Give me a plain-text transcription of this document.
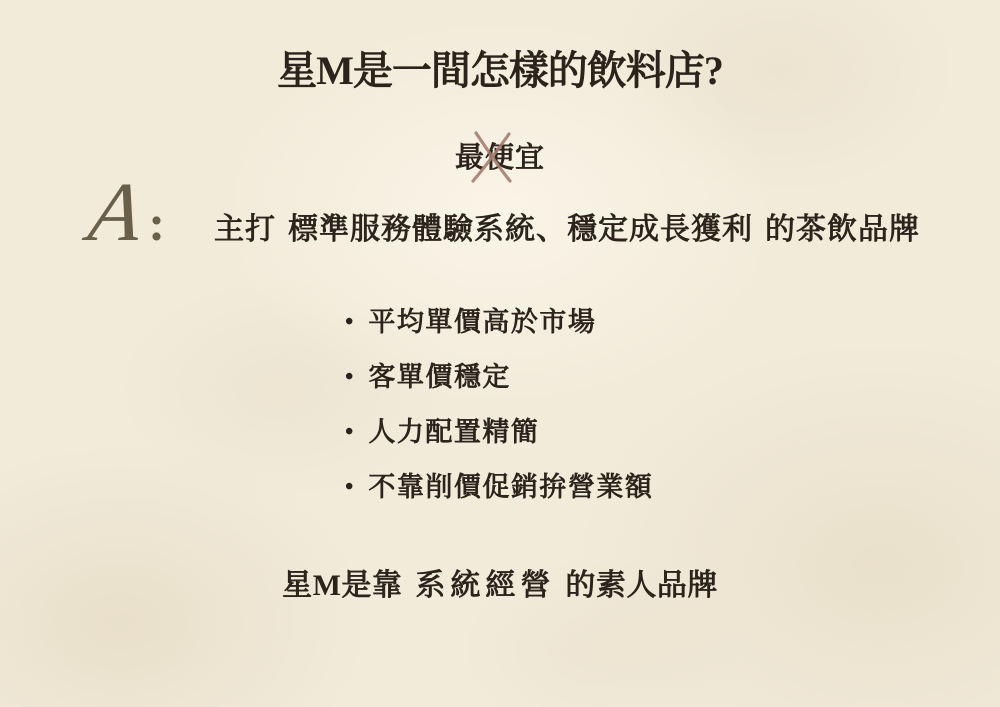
星M是一間怎樣的飲料店?
最便宜
A : 主打 標準服務體驗系統、穩定成長獲利 的茶飲品牌

• 平均單價高於市場
• 客單價穩定
• 人力配置精簡
• 不靠削價促銷拚營業額

星M是靠 系統經營 的素人品牌
